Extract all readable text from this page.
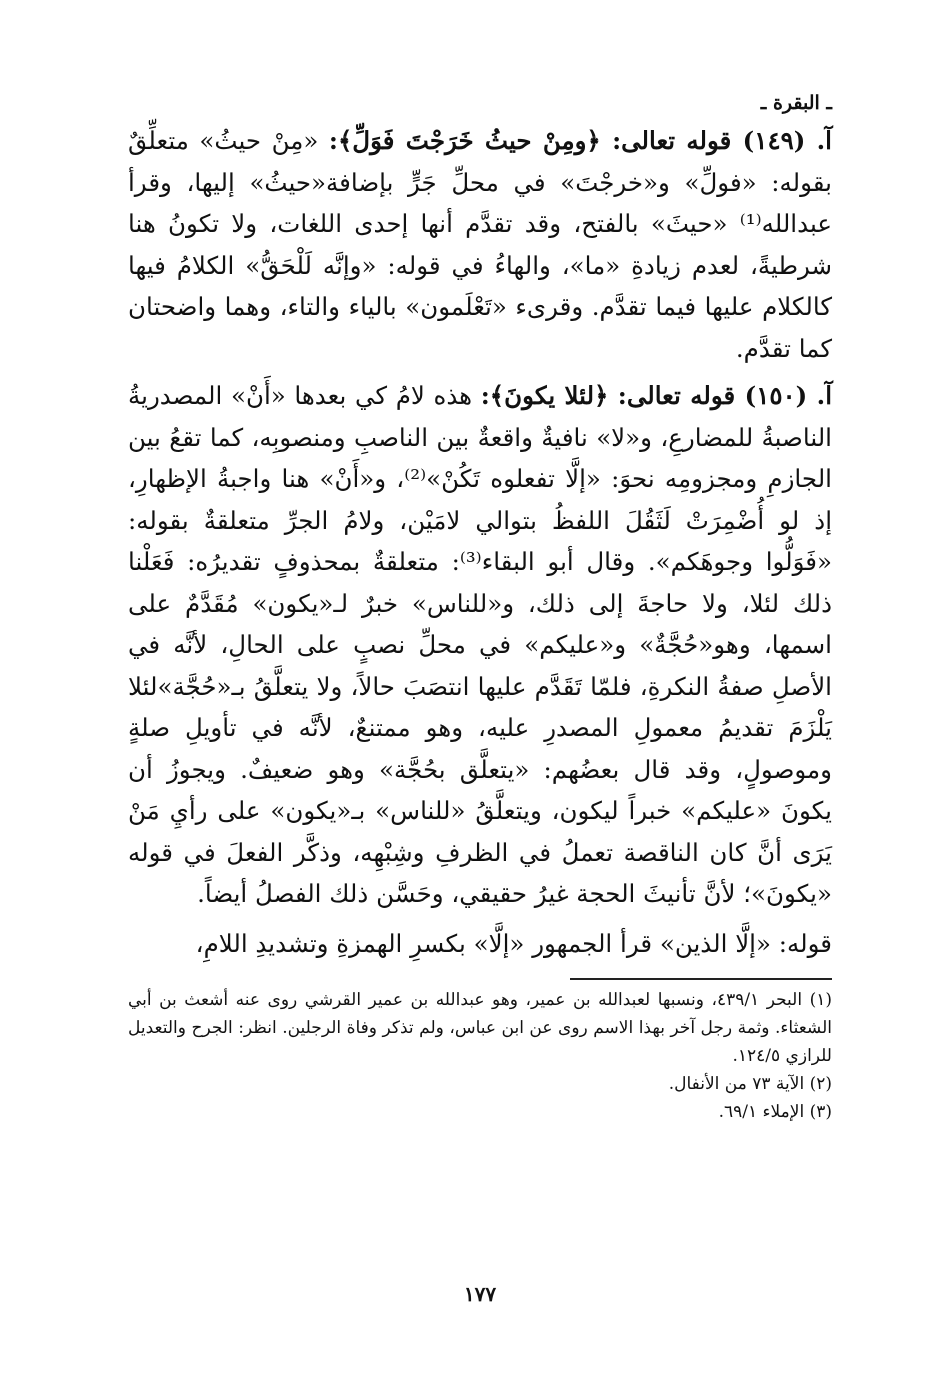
ـ البقرة ـ

آ. (١٤٩) قوله تعالى: ﴿ومِنْ حيثُ خَرَجْتَ فَوَلِّ﴾: «مِنْ حيثُ» متعلِّقٌ بقوله: «فولِّ» و«خرجْتَ» في محلِّ جَرٍّ بإضافة«حيثُ» إليها، وقرأ عبدالله⁽¹⁾ «حيثَ» بالفتح، وقد تقدَّم أنها إحدى اللغات، ولا تكونُ هنا شرطيةً، لعدم زيادةِ «ما»، والهاءُ في قوله: «وإنَّه لَلْحَقُّ» الكلامُ فيها كالكلام عليها فيما تقدَّم. وقرىء «تَعْلَمون» بالياء والتاء، وهما واضحتان كما تقدَّم.

آ. (١٥٠) قوله تعالى: ﴿لئلا يكونَ﴾: هذه لامُ كي بعدها «أَنْ» المصدريةُ الناصبةُ للمضارعِ، و«لا» نافيةٌ واقعةٌ بين الناصبِ ومنصوبِه، كما تقعُ بين الجازمِ ومجزومِه نحوَ: «إلَّا تفعلوه تَكُنْ»⁽²⁾، و«أَنْ» هنا واجبةُ الإظهارِ، إذ لو أُضْمِرَتْ لَثَقُلَ اللفظُ بتوالي لامَيْن، ولامُ الجرِّ متعلقةٌ بقوله: «فَوَلُّوا وجوهَكم». وقال أبو البقاء⁽³⁾: متعلقةٌ بمحذوفٍ تقديرُه: فَعَلْنا ذلك لئلا، ولا حاجةَ إلى ذلك، و«للناس» خبرٌ لـ«يكون» مُقَدَّمٌ على اسمها، وهو«حُجَّةٌ» و«عليكم» في محلِّ نصبٍ على الحالِ، لأنَّه في الأصلِ صفةُ النكرةِ، فلمّا تَقَدَّم عليها انتصَبَ حالاً، ولا يتعلَّقُ بـ«حُجَّة»لئلا يَلْزَمَ تقديمُ معمولِ المصدرِ عليه، وهو ممتنعٌ، لأنَّه في تأويلِ صلةٍ وموصولٍ، وقد قال بعضُهم: «يتعلَّق بحُجَّة» وهو ضعيفٌ. ويجوزُ أن يكونَ «عليكم» خبراً ليكون، ويتعلَّقُ «للناس» بـ«يكون» على رأيِ مَنْ يَرَى أنَّ كان الناقصة تعملُ في الظرفِ وشِبْهِه، وذكَّر الفعلَ في قوله «يكونَ»؛ لأنَّ تأنيثَ الحجة غيرُ حقيقي، وحَسَّن ذلك الفصلُ أيضاً.

قوله: «إلَّا الذين» قرأ الجمهور «إلَّا» بكسرِ الهمزةِ وتشديدِ اللامِ،

(١) البحر ٤٣٩/١، ونسبها لعبدالله بن عمير، وهو عبدالله بن عمير القرشي روى عنه أشعث بن أبي الشعثاء. وثمة رجل آخر بهذا الاسم روى عن ابن عباس، ولم تذكر وفاة الرجلين. انظر: الجرح والتعديل للرازي ١٢٤/٥.

(٢) الآية ٧٣ من الأنفال.

(٣) الإملاء ٦٩/١.

١٧٧
